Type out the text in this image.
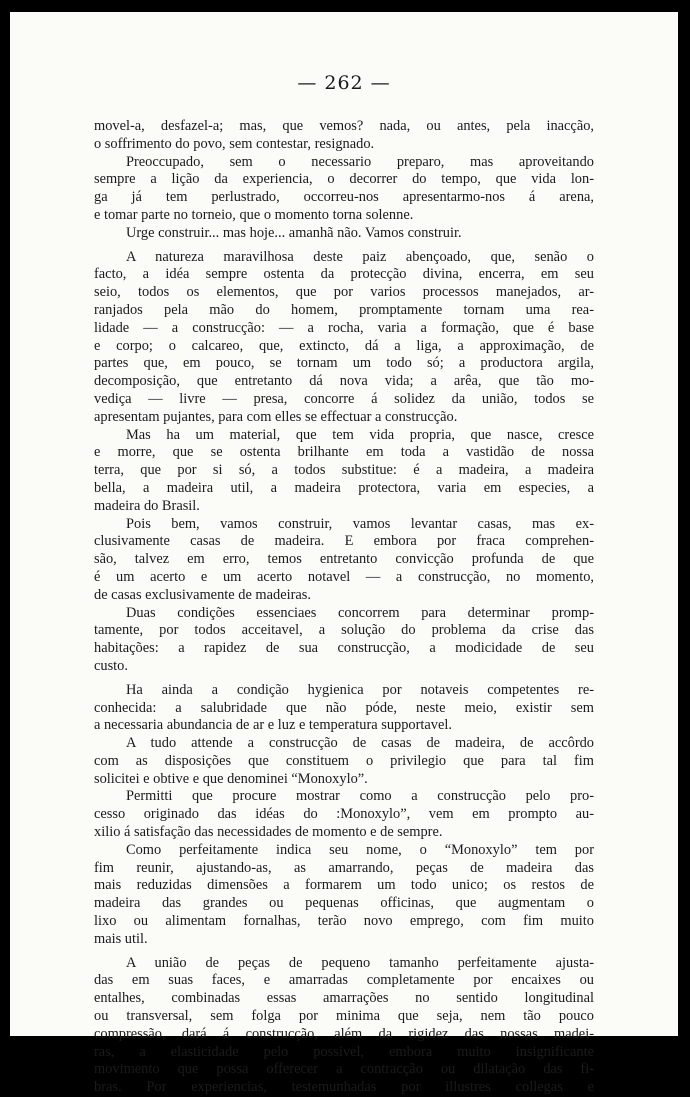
— 262 —

movel-a, desfazel-a; mas, que vemos? nada, ou antes, pela inacção,

o soffrimento do povo, sem contestar, resignado.

Preoccupado, sem o necessario preparo, mas aproveitando

sempre a lição da experiencia, o decorrer do tempo, que vida lon-

ga já tem perlustrado, occorreu-nos apresentarmo-nos á arena,

e tomar parte no torneio, que o momento torna solenne.

Urge construir... mas hoje... amanhã não. Vamos construir.

A natureza maravilhosa deste paiz abençoado, que, senão o

facto, a idéa sempre ostenta da protecção divina, encerra, em seu

seio, todos os elementos, que por varios processos manejados, ar-

ranjados pela mão do homem, promptamente tornam uma rea-

lidade — a construcção: — a rocha, varia a formação, que é base

e corpo; o calcareo, que, extincto, dá a liga, a approximação, de

partes que, em pouco, se tornam um todo só; a productora argila,

decomposição, que entretanto dá nova vida; a arêa, que tão mo-

vediça — livre — presa, concorre á solidez da união, todos se

apresentam pujantes, para com elles se effectuar a construcção.

Mas ha um material, que tem vida propria, que nasce, cresce

e morre, que se ostenta brilhante em toda a vastidão de nossa

terra, que por si só, a todos substitue: é a madeira, a madeira

bella, a madeira util, a madeira protectora, varia em especies, a

madeira do Brasil.

Pois bem, vamos construir, vamos levantar casas, mas ex-

clusivamente casas de madeira. E embora por fraca comprehen-

são, talvez em erro, temos entretanto convicção profunda de que

é um acerto e um acerto notavel — a construcção, no momento,

de casas exclusivamente de madeiras.

Duas condições essenciaes concorrem para determinar promp-

tamente, por todos acceitavel, a solução do problema da crise das

habitações: a rapidez de sua construcção, a modicidade de seu

custo.

Ha ainda a condição hygienica por notaveis competentes re-

conhecida: a salubridade que não póde, neste meio, existir sem

a necessaria abundancia de ar e luz e temperatura supportavel.

A tudo attende a construcção de casas de madeira, de accôrdo

com as disposições que constituem o privilegio que para tal fim

solicitei e obtive e que denominei “Monoxylo”.

Permitti que procure mostrar como a construcção pelo pro-

cesso originado das idéas do :Monoxylo”, vem em prompto au-

xilio á satisfação das necessidades de momento e de sempre.

Como perfeitamente indica seu nome, o “Monoxylo” tem por

fim reunir, ajustando-as, as amarrando, peças de madeira das

mais reduzidas dimensões a formarem um todo unico; os restos de

madeira das grandes ou pequenas officinas, que augmentam o

lixo ou alimentam fornalhas, terão novo emprego, com fim muito

mais util.

A união de peças de pequeno tamanho perfeitamente ajusta-

das em suas faces, e amarradas completamente por encaixes ou

entalhes, combinadas essas amarrações no sentido longitudinal

ou transversal, sem folga por minima que seja, nem tão pouco

compressão, dará á construcção, além da rigidez das nossas madei-

ras, a elasticidade pelo possivel, embora muito insignificante

movimento que possa offerecer a contracção ou dilatação das fi-

bras. Por experiencias, testemunhadas por illustres collegas e
